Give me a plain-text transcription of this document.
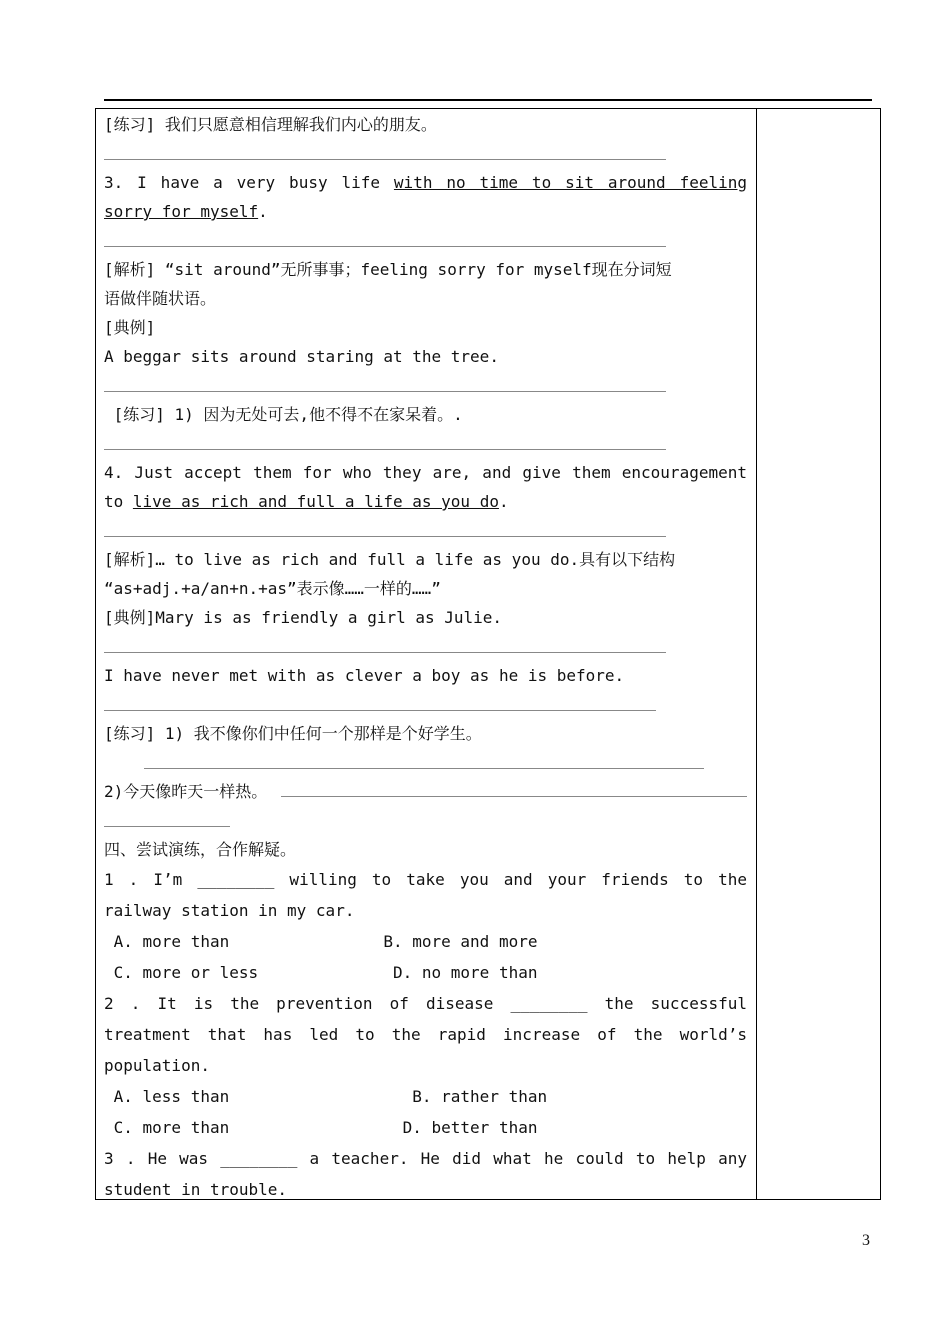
[练习] 我们只愿意相信理解我们内心的朋友。
3. I have a very busy life with no time to sit around feeling
sorry for myself.
[解析] “sit around”无所事事；feeling sorry for myself现在分词短
语做伴随状语。
[典例]
A beggar sits around staring at the tree.
[练习] 1) 因为无处可去,他不得不在家呆着。.
4. Just accept them for who they are, and give them encouragement
to live as rich and full a life as you do.
[解析]… to live as rich and full a life as you do.具有以下结构
“as+adj.+a/an+n.+as”表示像……一样的……”
[典例]Mary is as friendly a girl as Julie.
I have never met with as clever a boy as he is before.
[练习] 1) 我不像你们中任何一个那样是个好学生。
2)今天像昨天一样热。
四、尝试演练，合作解疑。
1 . I’m ________ willing to take you and your friends to the
railway station in my car.
A. more than                B. more and more
C. more or less              D. no more than
2 . It is the prevention of disease ________ the successful
treatment that has led to the rapid increase of the world’s
population.
A. less than                   B. rather than
C. more than                  D. better than
3 . He was ________ a teacher. He did what he could to help any
student in trouble.
3
